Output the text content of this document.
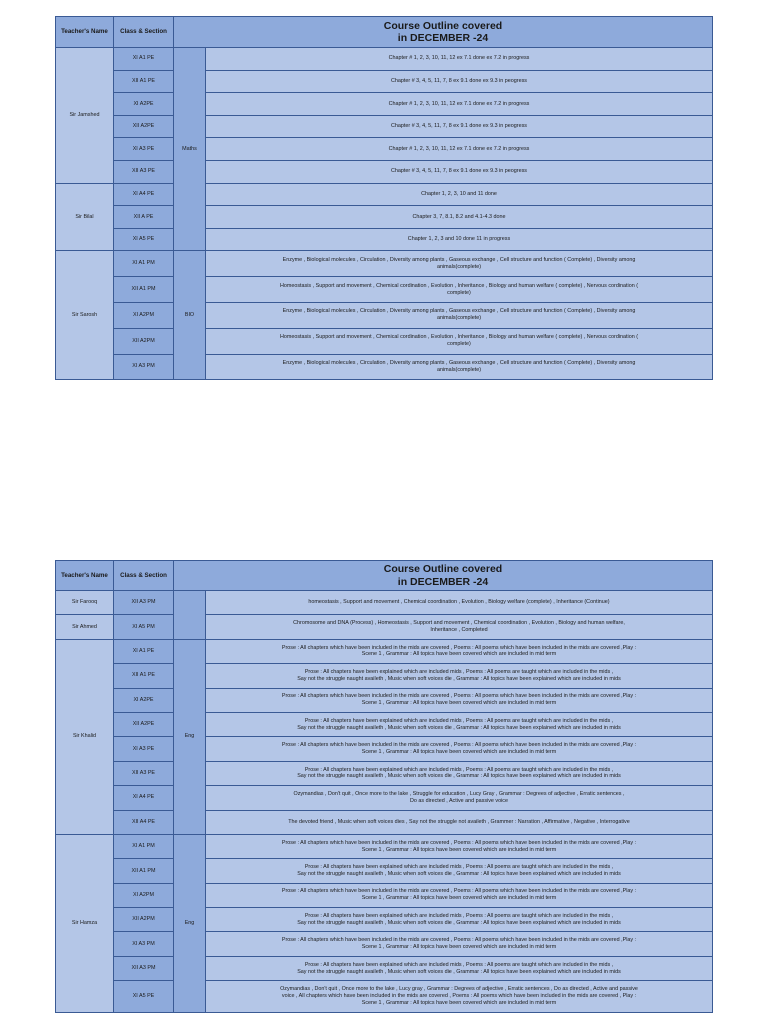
Teacher's Name	Class & Section	Course Outline covered
in DECEMBER -24	

Sir Jamshed	XI A1 PE	Maths	Chapter # 1, 2, 3, 10, 11, 12 ex 7.1 done ex 7.2 in progress

	XII A1 PE		Chapter # 3, 4, 5, 11, 7, 8 ex 9.1 done ex 9.3 in peogress

	XI A2PE		Chapter # 1, 2, 3, 10, 11, 12 ex 7.1 done ex 7.2 in progress

	XII A2PE		Chapter # 3, 4, 5, 11, 7, 8 ex 9.1 done ex 9.3 in peogress

	XI A3 PE		Chapter # 1, 2, 3, 10, 11, 12 ex 7.1 done ex 7.2 in progress

	XII A3 PE		Chapter # 3, 4, 5, 11, 7, 8 ex 9.1 done ex 9.3 in peogress

Sir Bilal	XI A4 PE		Chapter 1, 2, 3, 10 and 11 done

	XII A PE		Chapter 3, 7, 8.1, 8.2 and 4.1-4.3 done

	XI A5 PE		Chapter 1, 2, 3 and 10 done 11 in progress

Sir Sarosh	XI A1 PM	BIO	Enzyme , Biological molecules , Circulation , Diversity among plants , Gaseous exchange , Cell structure and function ( Complete) , Diversity among
animals(complete)

	XII A1 PM		Homeostasis , Support and movement , Chemical cordination , Evolution , Inheritance , Biology and human welfare ( complete) , Nervous cordination (
complete)

	XI A2PM		Enzyme , Biological molecules , Circulation , Diversity among plants , Gaseous exchange , Cell structure and function ( Complete) , Diversity among
animals(complete)

	XII A2PM		Homeostasis , Support and movement , Chemical cordination , Evolution , Inheritance , Biology and human welfare ( complete) , Nervous cordination (
complete)

	XI A3 PM		Enzyme , Biological molecules , Circulation , Diversity among plants , Gaseous exchange , Cell structure and function ( Complete) , Diversity among
animals(complete)
Teacher's Name	Class & Section	Course Outline covered
in DECEMBER -24	

Sir Farooq	XII A3 PM		homeostasis , Support and movement , Chemical coordination , Evolution , Biology welfare (complete) , Inheritance (Continue)

Sir Ahmed	XI A5 PM		Chromosome and DNA (Process) , Homeostasis , Support and movement , Chemical coordination , Evolution , Biology and human welfare,
Inheritance , Completed

Sir Khalid	XI A1 PE	Eng	Prose : All chapters which have been included in the mids are covered , Poems : All poems which have been included in the mids are covered ,Play :
Scene 1 , Grammar : All topics have been covered which are included in mid term

	XII A1 PE		Prose : All chapters have been explained which are included mids , Poems : All poems are taught which are included in the mids ,
Say not the struggle naught availeth , Music when soft voices die , Grammar : All topics have been explained which are included in mids

	XI A2PE		Prose : All chapters which have been included in the mids are covered , Poems : All poems which have been included in the mids are covered ,Play :
Scene 1 , Grammar : All topics have been covered which are included in mid term

	XII A2PE		Prose : All chapters have been explained which are included mids , Poems : All poems are taught which are included in the mids ,
Say not the struggle naught availeth , Music when soft voices die , Grammar : All topics have been explained which are included in mids

	XI A3 PE		Prose : All chapters which have been included in the mids are covered , Poems : All poems which have been included in the mids are covered ,Play :
Scene 1 , Grammar : All topics have been covered which are included in mid term

	XII A3 PE		Prose : All chapters have been explained which are included mids , Poems : All poems are taught which are included in the mids ,
Say not the struggle naught availeth , Music when soft voices die , Grammar : All topics have been explained which are included in mids

	XI A4 PE		Ozymandias , Don't quit , Once more to the lake , Struggle for education , Lucy Gray , Grammar : Degrees of adjective , Erratic sentences ,
Do as directed , Active and passive voice

	XII A4 PE		The devoted friend , Music when soft voices dies , Say not the struggle not availeth , Grammer : Narration , Affirmative , Negative , Interrogative

Sir Hamza	XI A1 PM	Eng	Prose : All chapters which have been included in the mids are covered , Poems : All poems which have been included in the mids are covered ,Play :
Scene 1 , Grammar : All topics have been covered which are included in mid term

	XII A1 PM		Prose : All chapters have been explained which are included mids , Poems : All poems are taught which are included in the mids ,
Say not the struggle naught availeth , Music when soft voices die , Grammar : All topics have been explained which are included in mids

	XI A2PM		Prose : All chapters which have been included in the mids are covered , Poems : All poems which have been included in the mids are covered ,Play :
Scene 1 , Grammar : All topics have been covered which are included in mid term

	XII A2PM		Prose : All chapters have been explained which are included mids , Poems : All poems are taught which are included in the mids ,
Say not the struggle naught availeth , Music when soft voices die , Grammar : All topics have been explained which are included in mids

	XI A3 PM		Prose : All chapters which have been included in the mids are covered , Poems : All poems which have been included in the mids are covered ,Play :
Scene 1 , Grammar : All topics have been covered which are included in mid term

	XII A3 PM		Prose : All chapters have been explained which are included mids , Poems : All poems are taught which are included in the mids ,
Say not the struggle naught availeth , Music when soft voices die , Grammar : All topics have been explained which are included in mids

	XI A5 PE		Ozymandias , Don't quit , Once more to the lake , Lucy gray , Grammar : Degrees of adjective , Erratic sentences , Do as directed , Active and passive
voice , All chapters which have been included in the mids are covered , Poems : All poems which have been included in the mids are covered , Play :
Scene 1 , Grammar : All topics have been covered which are included in mid term
